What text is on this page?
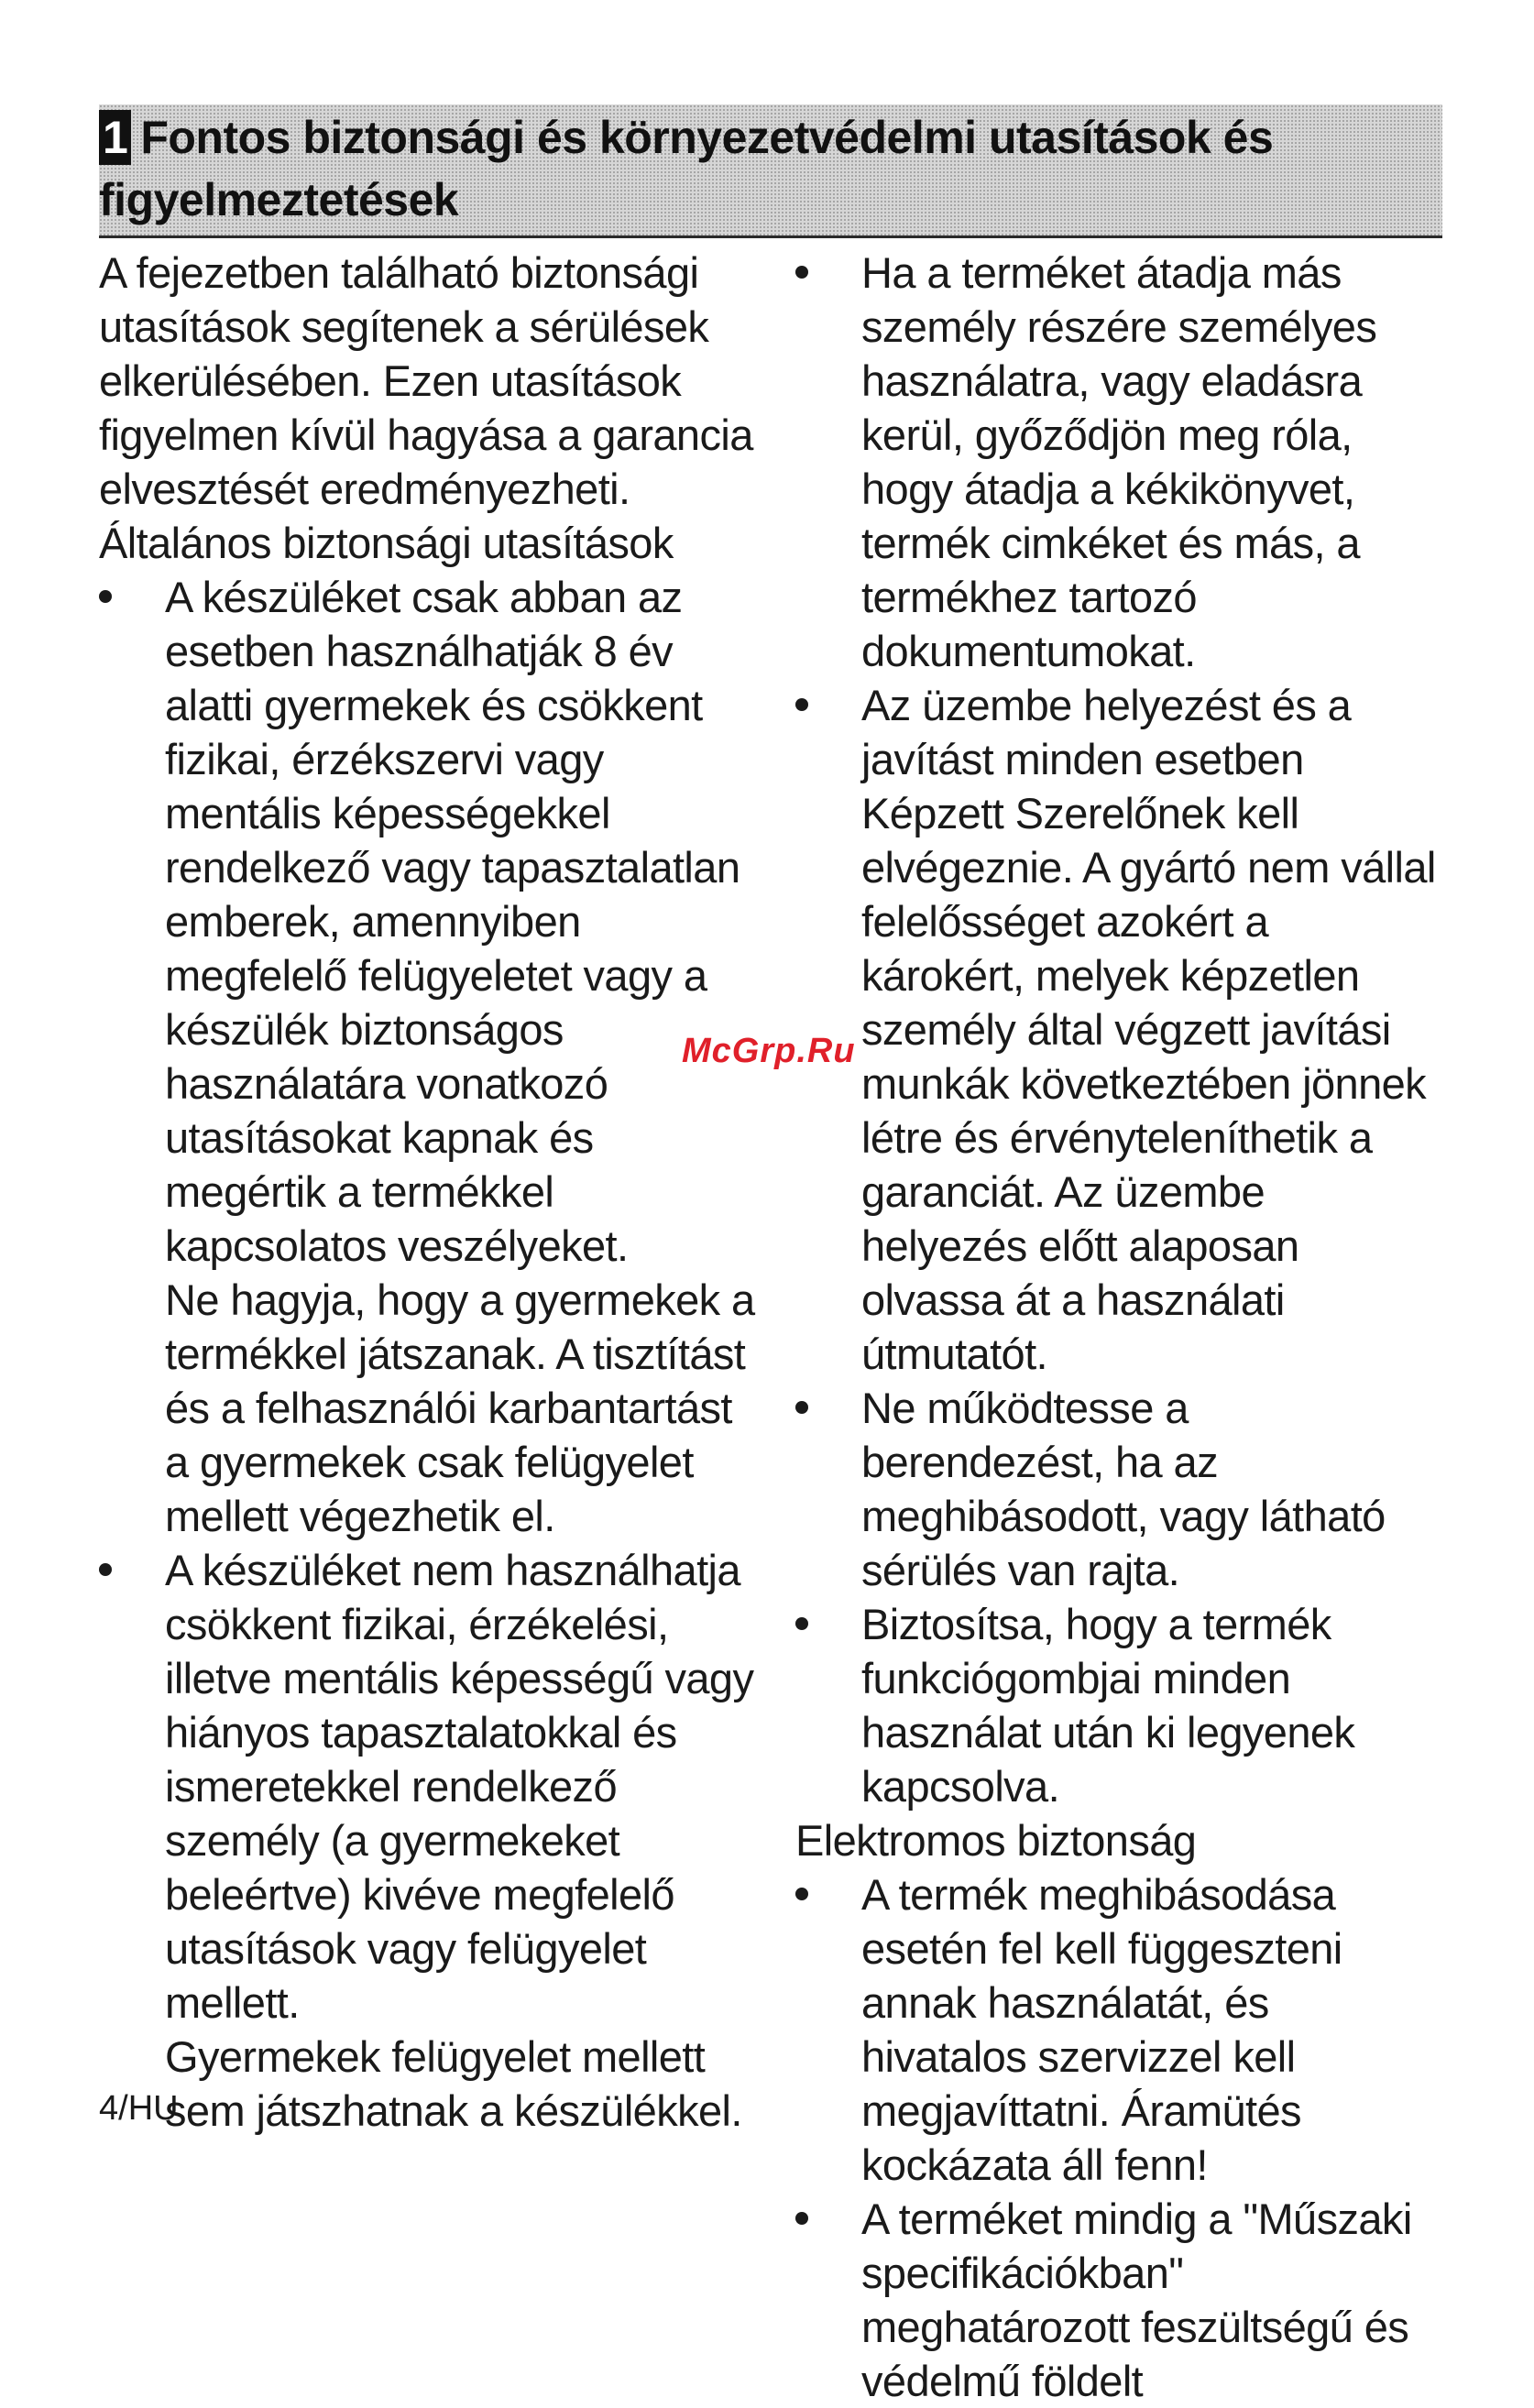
1 Fontos biztonsági és környezetvédelmi utasítások és
figyelmeztetések

A fejezetben található biztonsági utasítások segítenek a sérülések elkerülésében. Ezen utasítások figyelmen kívül hagyása a garancia elvesztését eredményezheti.

Általános biztonsági utasítások

A készüléket csak abban az esetben használhatják 8 év alatti gyermekek és csökkent fizikai, érzékszervi vagy mentális képességekkel rendelkező vagy tapasztalatlan emberek, amennyiben megfelelő felügyeletet vagy a készülék biztonságos használatára vonatkozó utasításokat kapnak és megértik a termékkel kapcsolatos veszélyeket.

Ne hagyja, hogy a gyermekek a termékkel játszanak. A tisztítást és a felhasználói karbantartást a gyermekek csak felügyelet mellett végezhetik el.

A készüléket nem használhatja csökkent fizikai, érzékelési, illetve mentális képességű vagy hiányos tapasztalatokkal és ismeretekkel rendelkező személy (a gyermekeket beleértve) kivéve megfelelő utasítások vagy felügyelet mellett.

Gyermekek felügyelet mellett sem játszhatnak a készülékkel.

Ha a terméket átadja más személy részére személyes használatra, vagy eladásra kerül, győződjön meg róla, hogy átadja a kékikönyvet, termék cimkéket és más, a termékhez tartozó dokumentumokat.
Az üzembe helyezést és a javítást minden esetben Képzett Szerelőnek kell elvégeznie. A gyártó nem vállal felelősséget azokért a károkért, melyek képzetlen személy által végzett javítási munkák következtében jönnek létre és érvényteleníthetik a garanciát. Az üzembe helyezés előtt alaposan olvassa át a használati útmutatót.
Ne működtesse a berendezést, ha az meghibásodott, vagy látható sérülés van rajta.
Biztosítsa, hogy a termék funkciógombjai minden használat után ki legyenek kapcsolva.

Elektromos biztonság

A termék meghibásodása esetén fel kell függeszteni annak használatát, és hivatalos szervizzel kell megjavíttatni. Áramütés kockázata áll fenn!
A terméket mindig a "Műszaki specifikációkban" meghatározott feszültségű és védelmű földelt
McGrp.Ru
4/HU
